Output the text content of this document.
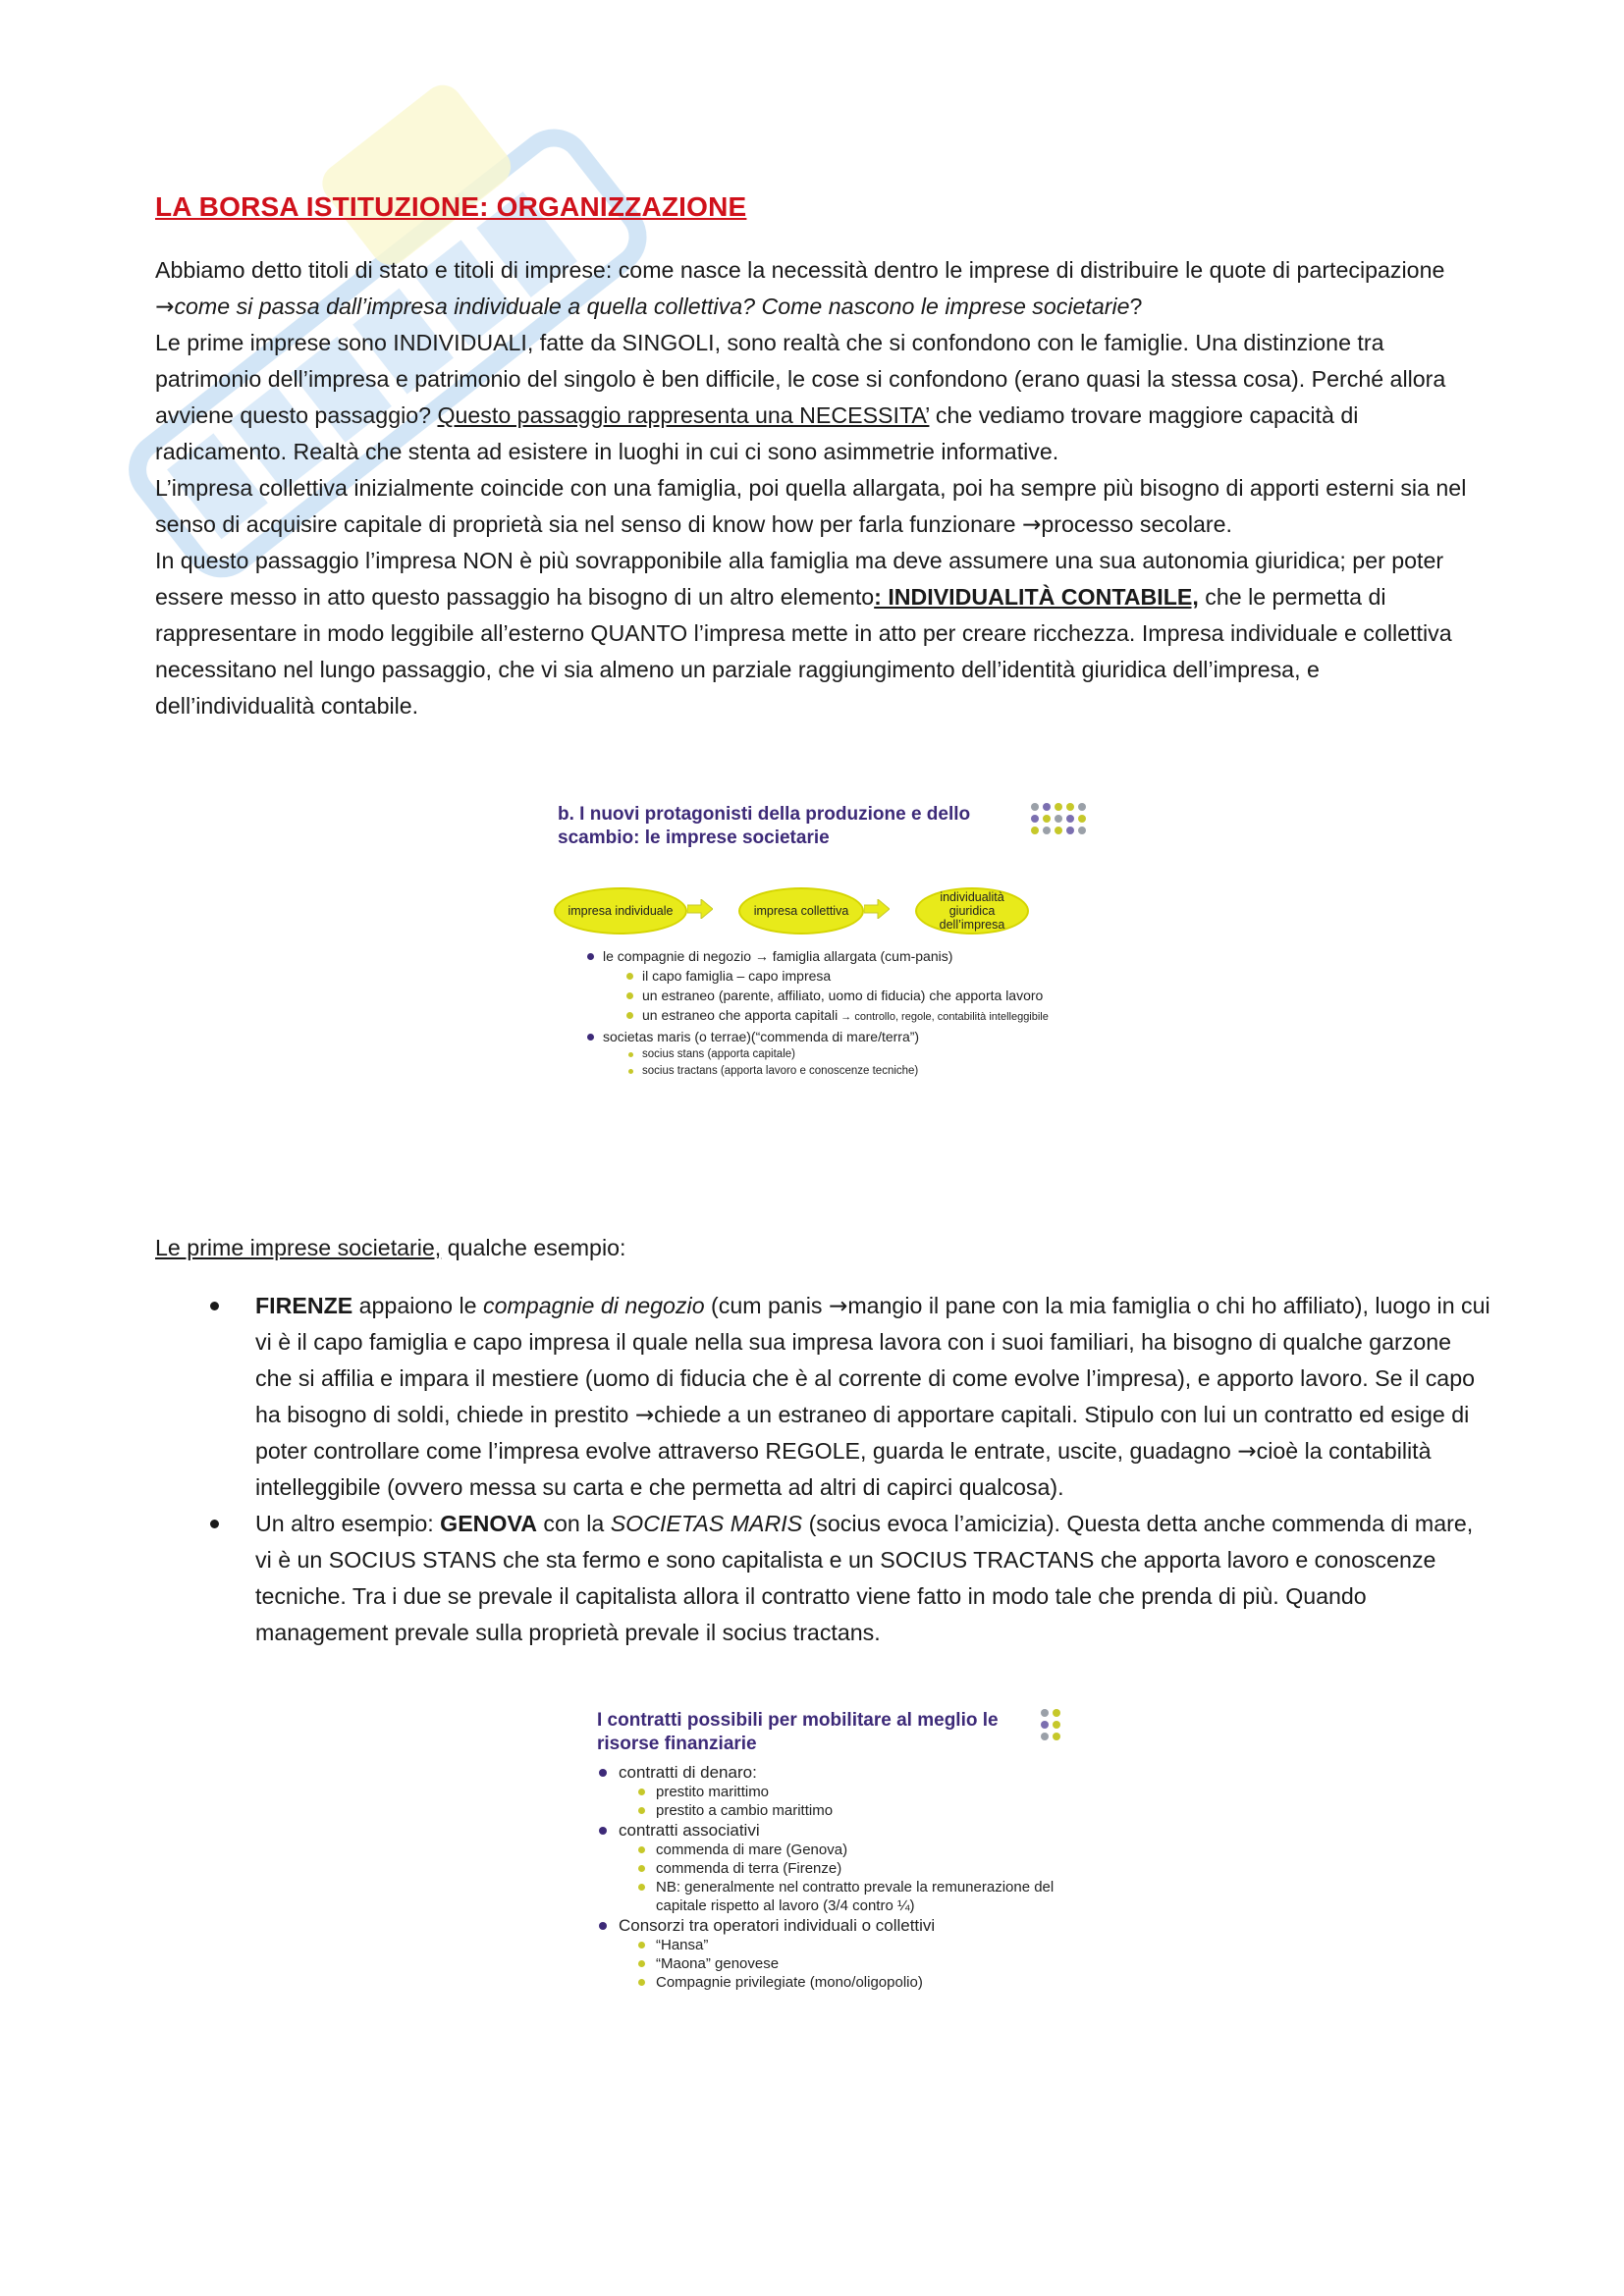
LA BORSA ISTITUZIONE: ORGANIZZAZIONE

Abbiamo detto titoli di stato e titoli di imprese: come nasce la necessità dentro le imprese di distribuire le quote di partecipazione →come si passa dall’impresa individuale a quella collettiva? Come nascono le imprese societarie?
Le prime imprese sono INDIVIDUALI, fatte da SINGOLI, sono realtà che si confondono con le famiglie. Una distinzione tra patrimonio dell’impresa e patrimonio del singolo è ben difficile, le cose si confondono (erano quasi la stessa cosa). Perché allora avviene questo passaggio? Questo passaggio rappresenta una NECESSITA’ che vediamo trovare maggiore capacità di radicamento. Realtà che stenta ad esistere in luoghi in cui ci sono asimmetrie informative.
L’impresa collettiva inizialmente coincide con una famiglia, poi quella allargata, poi ha sempre più bisogno di apporti esterni sia nel senso di acquisire capitale di proprietà sia nel senso di know how per farla funzionare →processo secolare.
In questo passaggio l’impresa NON è più sovrapponibile alla famiglia ma deve assumere una sua autonomia giuridica; per poter essere messo in atto questo passaggio ha bisogno di un altro elemento: INDIVIDUALITÀ CONTABILE, che le permetta di rappresentare in modo leggibile all’esterno QUANTO l’impresa mette in atto per creare ricchezza. Impresa individuale e collettiva necessitano nel lungo passaggio, che vi sia almeno un parziale raggiungimento dell’identità giuridica dell’impresa, e dell’individualità contabile.

b. I nuovi protagonisti della produzione e dello scambio: le imprese societarie
impresa individuale	impresa collettiva
individualità giuridica dell’impresa
le compagnie di negozio → famiglia allargata (cum-panis)
il capo famiglia – capo impresa
un estraneo (parente, affiliato, uomo di fiducia) che apporta lavoro
un estraneo che apporta capitali → controllo, regole, contabilità intelleggibile
societas maris (o terrae)(“commenda di mare/terra”)
socius stans (apporta capitale)
socius tractans (apporta lavoro e conoscenze tecniche)

Le prime imprese societarie, qualche esempio:

FIRENZE appaiono le compagnie di negozio (cum panis →mangio il pane con la mia famiglia o chi ho affiliato), luogo in cui vi è il capo famiglia e capo impresa il quale nella sua impresa lavora con i suoi familiari, ha bisogno di qualche garzone che si affilia e impara il mestiere (uomo di fiducia che è al corrente di come evolve l’impresa), e apporto lavoro. Se il capo ha bisogno di soldi, chiede in prestito →chiede a un estraneo di apportare capitali. Stipulo con lui un contratto ed esige di poter controllare come l’impresa evolve attraverso REGOLE, guarda le entrate, uscite, guadagno →cioè la contabilità intelleggibile (ovvero messa su carta e che permetta ad altri di capirci qualcosa).
Un altro esempio: GENOVA con la SOCIETAS MARIS (socius evoca l’amicizia). Questa detta anche commenda di mare, vi è un SOCIUS STANS che sta fermo e sono capitalista e un SOCIUS TRACTANS che apporta lavoro e conoscenze tecniche. Tra i due se prevale il capitalista allora il contratto viene fatto in modo tale che prenda di più. Quando management prevale sulla proprietà prevale il socius tractans.
I contratti possibili per mobilitare al meglio le risorse finanziarie
contratti di denaro:
prestito marittimo
prestito a cambio marittimo
contratti associativi
commenda di mare (Genova)
commenda di terra (Firenze)
NB: generalmente nel contratto prevale la remunerazione del capitale rispetto al lavoro (3/4 contro ¼)
Consorzi tra operatori individuali o collettivi
“Hansa”
“Maona” genovese
Compagnie privilegiate (mono/oligopolio)
